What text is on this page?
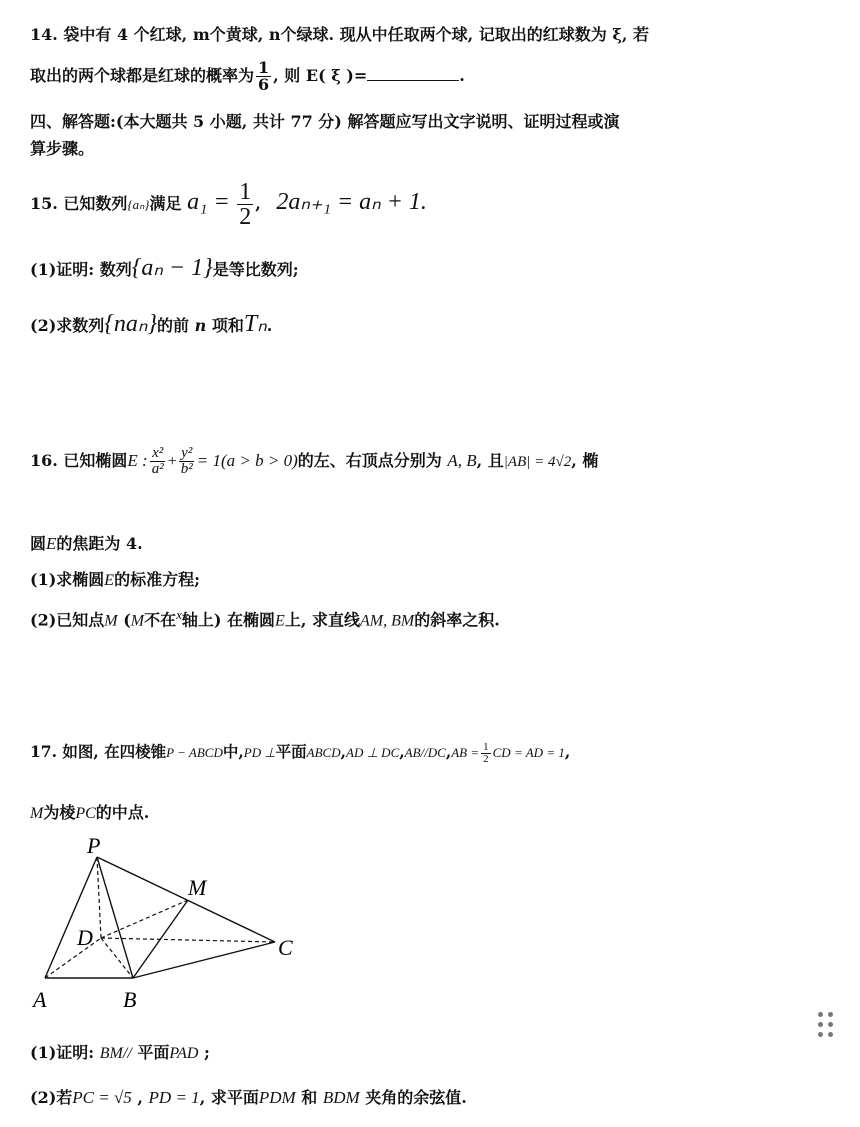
14. 袋中有 4 个红球, m个黄球, n个绿球. 现从中任取两个球, 记取出的红球数为 ξ, 若
取出的两个球都是红球的概率为 $\frac{1}{6}$ , 则 E( ξ )=	.
四、解答题:(本大题共 5 小题, 共计 77 分) 解答题应写出文字说明、证明过程或演
算步骤。
15. 已知数列{aₙ}满足 $a_1 = \frac{1}{2}$ , 2aₙ₊₁ = aₙ + 1.
(1)证明: 数列{aₙ − 1}是等比数列;
(2)求数列{naₙ}的前 n 项和Tₙ.
16. 已知椭圆E : $\frac{\text{x²}}{\text{a²}} + \frac{\text{y²}}{\text{b²}} = 1(a > b > 0)$的左、右顶点分别为 A, B, 且|AB| = 4√2, 椭
圆E的焦距为 4.
(1)求椭圆E的标准方程;
(2)已知点M (M不在$^x$轴上) 在椭圆E上, 求直线AM, BM的斜率之积.
17. 如图, 在四棱锥P − ABCD中,PD ⊥平面ABCD,AD ⊥ $DC,AB//DC,AB = \frac{1}{2}$ CD = AD = 1,
M为棱PC的中点.
P
M
D	C
A	B
(1)证明: BM// 平面PAD ;
(2)若PC = √5 , PD = 1, 求平面PDM 和 BDM 夹角的余弦值.
